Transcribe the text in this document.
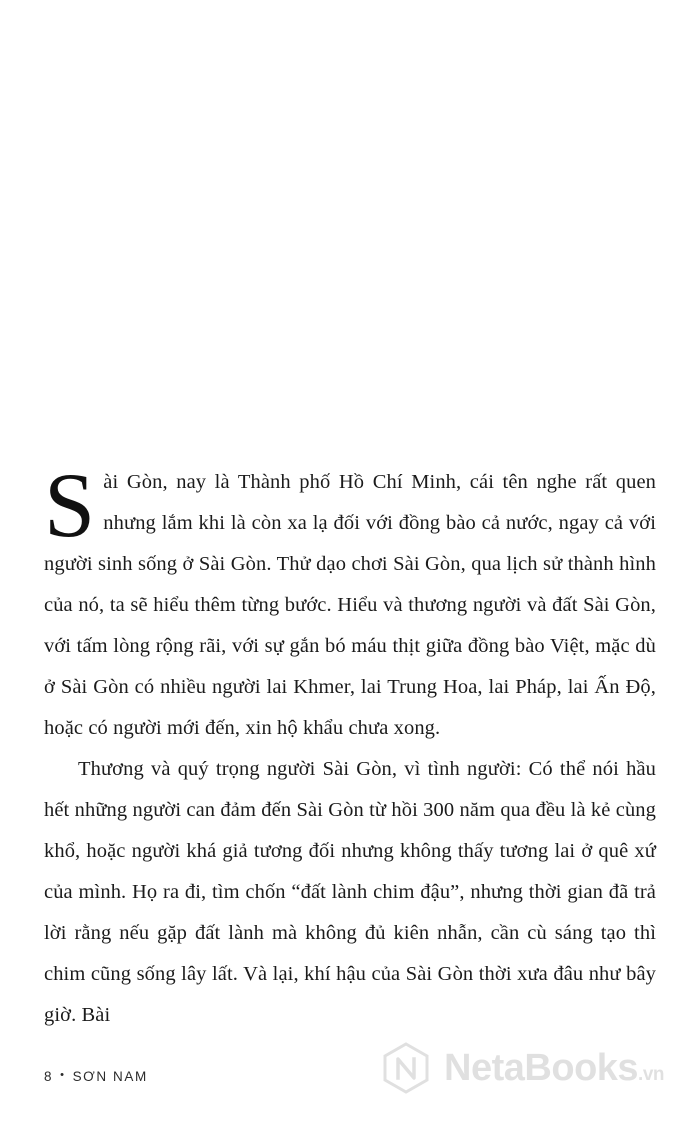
Sài Gòn, nay là Thành phố Hồ Chí Minh, cái tên nghe rất quen nhưng lắm khi là còn xa lạ đối với đồng bào cả nước, ngay cả với người sinh sống ở Sài Gòn. Thử dạo chơi Sài Gòn, qua lịch sử thành hình của nó, ta sẽ hiểu thêm từng bước. Hiểu và thương người và đất Sài Gòn, với tấm lòng rộng rãi, với sự gắn bó máu thịt giữa đồng bào Việt, mặc dù ở Sài Gòn có nhiều người lai Khmer, lai Trung Hoa, lai Pháp, lai Ấn Độ, hoặc có người mới đến, xin hộ khẩu chưa xong.

Thương và quý trọng người Sài Gòn, vì tình người: Có thể nói hầu hết những người can đảm đến Sài Gòn từ hồi 300 năm qua đều là kẻ cùng khổ, hoặc người khá giả tương đối nhưng không thấy tương lai ở quê xứ của mình. Họ ra đi, tìm chốn “đất lành chim đậu”, nhưng thời gian đã trả lời rằng nếu gặp đất lành mà không đủ kiên nhẫn, cần cù sáng tạo thì chim cũng sống lây lất. Và lại, khí hậu của Sài Gòn thời xưa đâu như bây giờ. Bài

8 • SƠN NAM	NetaBooks.vn
